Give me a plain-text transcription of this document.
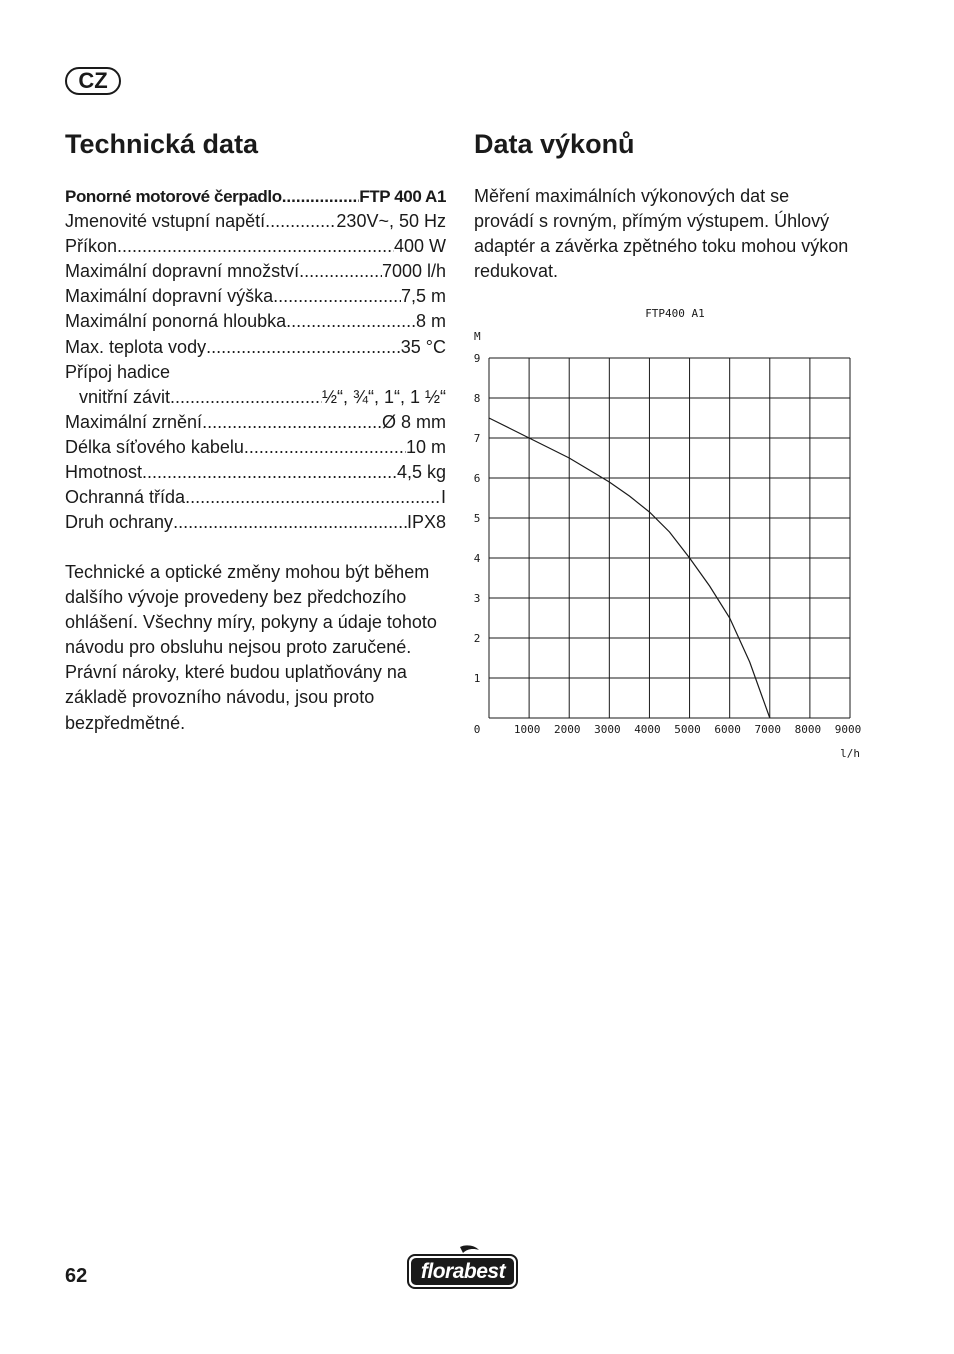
CZ
Technická data	Data výkonů
Ponorné motorové čerpadlo .....	FTP 400 A1
Jmenovité vstupní napětí .....	230V~, 50 Hz
Příkon .....	400 W
Maximální dopravní množství .....	7000 l/h
Maximální dopravní výška .....	7,5 m
Maximální ponorná hloubka .....	8 m
Max. teplota vody .....	35 °C
Přípoj hadice
vnitřní závit .....	½“, ¾“, 1“, 1 ½“
Maximální zrnění .....	Ø 8 mm
Délka síťového kabelu .....	10 m
Hmotnost .....	4,5 kg
Ochranná třída .....	I
Druh ochrany .....	IPX8

Technické a optické změny mohou být během dalšího vývoje provedeny bez předchozího ohlášení. Všechny míry, pokyny a údaje tohoto návodu pro obsluhu nejsou proto zaručené. Právní nároky, které budou uplatňovány na základě provozního návodu, jsou proto bezpředmětné.

Měření maximálních výkonových dat se provádí s rovným, přímým výstupem. Úhlový adaptér a závěrka zpětného toku mohou výkon redukovat.

FTP400 A1
M
1
2
3
4
5
6
7
8
9
0	1000 2000 3000 4000 5000 6000 7000 8000 9000
l/h
62	florabest
